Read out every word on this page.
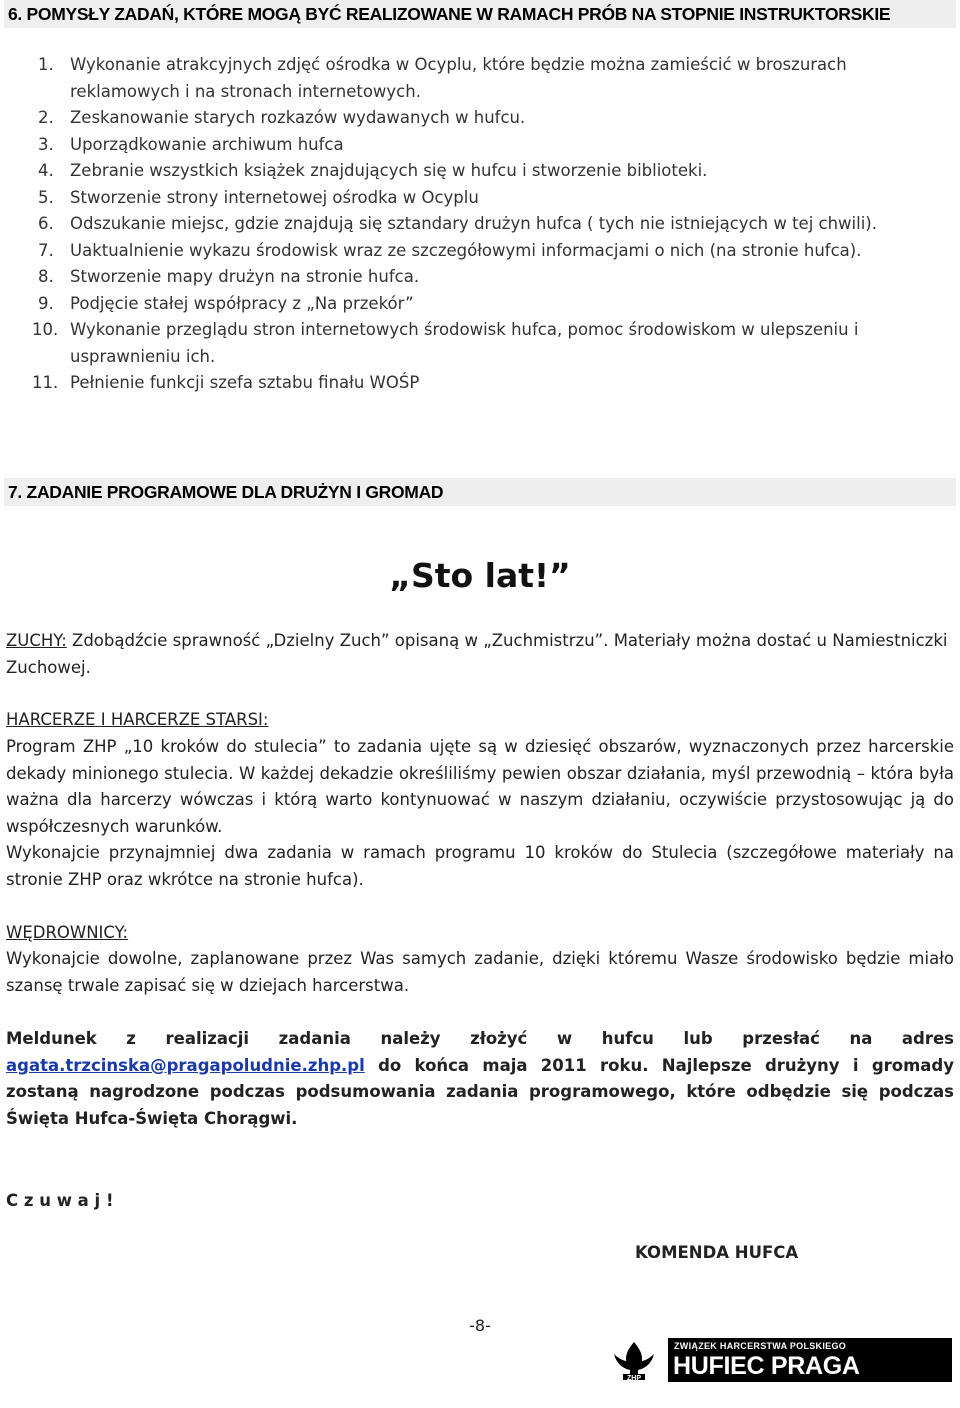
6. POMYSŁY ZADAŃ, KTÓRE MOGĄ BYĆ REALIZOWANE W RAMACH PRÓB NA STOPNIE INSTRUKTORSKIE
1. Wykonanie atrakcyjnych zdjęć ośrodka w Ocyplu, które będzie można zamieścić w broszurach reklamowych i na stronach internetowych.
2. Zeskanowanie starych rozkazów wydawanych w hufcu.
3. Uporządkowanie archiwum hufca
4. Zebranie wszystkich książek znajdujących się w hufcu i stworzenie biblioteki.
5. Stworzenie strony internetowej ośrodka w Ocyplu
6. Odszukanie miejsc, gdzie znajdują się sztandary drużyn hufca ( tych nie istniejących w tej chwili).
7. Uaktualnienie wykazu środowisk wraz ze szczegółowymi informacjami o nich (na stronie hufca).
8. Stworzenie mapy drużyn na stronie hufca.
9. Podjęcie stałej współpracy z „Na przekór”
10. Wykonanie przeglądu stron internetowych środowisk hufca, pomoc środowiskom w ulepszeniu i usprawnieniu ich.
11. Pełnienie funkcji szefa sztabu finału WOŚP
7. ZADANIE PROGRAMOWE DLA DRUŻYN I GROMAD
„Sto lat!”

ZUCHY: Zdobądźcie sprawność „Dzielny Zuch” opisaną w „Zuchmistrzu”. Materiały można dostać u Namiestniczki Zuchowej.

HARCERZE I HARCERZE STARSI:

Program ZHP „10 kroków do stulecia” to zadania ujęte są w dziesięć obszarów, wyznaczonych przez harcerskie dekady minionego stulecia. W każdej dekadzie określiliśmy pewien obszar działania, myśl przewodnią – która była ważna dla harcerzy wówczas i którą warto kontynuować w naszym działaniu, oczywiście przystosowując ją do współczesnych warunków.

Wykonajcie przynajmniej dwa zadania w ramach programu 10 kroków do Stulecia (szczegółowe materiały na stronie ZHP oraz wkrótce na stronie hufca).

WĘDROWNICY:

Wykonajcie dowolne, zaplanowane przez Was samych zadanie, dzięki któremu Wasze środowisko będzie miało szansę trwale zapisać się w dziejach harcerstwa.

Meldunek z realizacji zadania należy złożyć w hufcu lub przesłać na adres agata.trzcinska@pragapoludnie.zhp.pl do końca maja 2011 roku. Najlepsze drużyny i gromady zostaną nagrodzone podczas podsumowania zadania programowego, które odbędzie się podczas Święta Hufca-Święta Chorągwi.

C z u w a j !
KOMENDA HUFCA
-8-
ZHP
ZWIĄZEK HARCERSTWA POLSKIEGO
HUFIEC PRAGA POŁUDNIE
